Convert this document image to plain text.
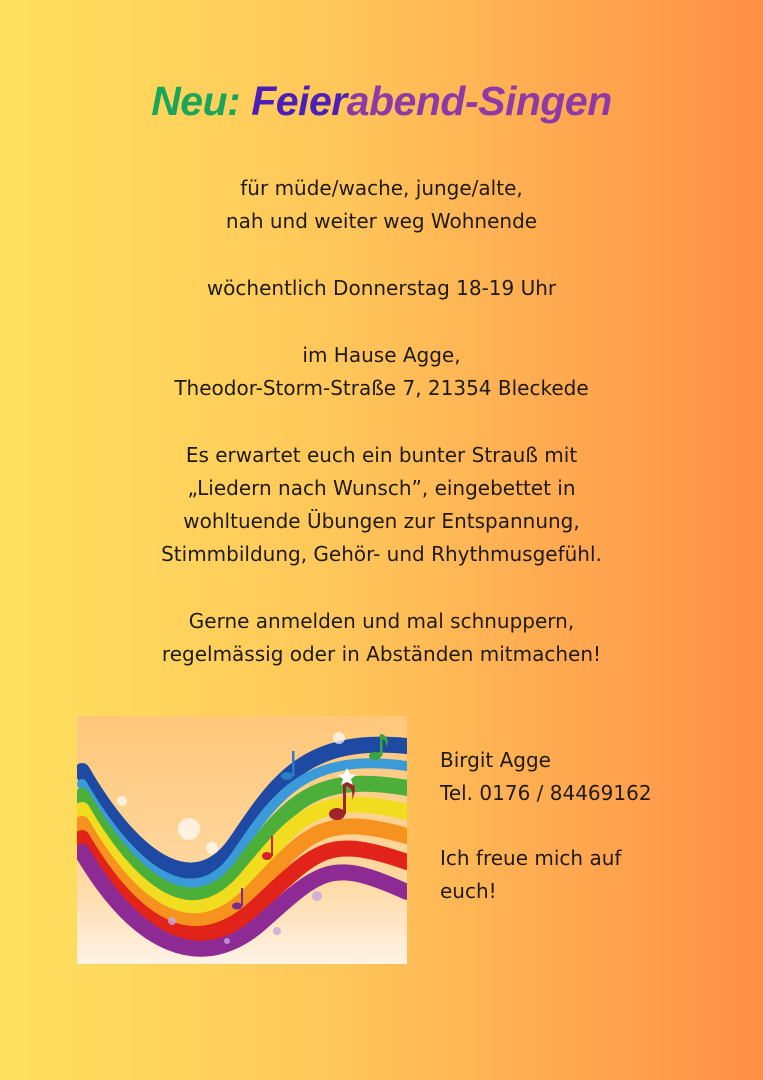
Neu: Feierabend-Singen

für müde/wache, junge/alte,
nah und weiter weg Wohnende

wöchentlich Donnerstag 18-19 Uhr

im Hause Agge,
Theodor-Storm-Straße 7, 21354 Bleckede

Es erwartet euch ein bunter Strauß mit
„Liedern nach Wunsch”, eingebettet in
wohltuende Übungen zur Entspannung,
Stimmbildung, Gehör- und Rhythmusgefühl.

Gerne anmelden und mal schnuppern,
regelmässig oder in Abständen mitmachen!

Birgit Agge
Tel. 0176 / 84469162

Ich freue mich auf
euch!
